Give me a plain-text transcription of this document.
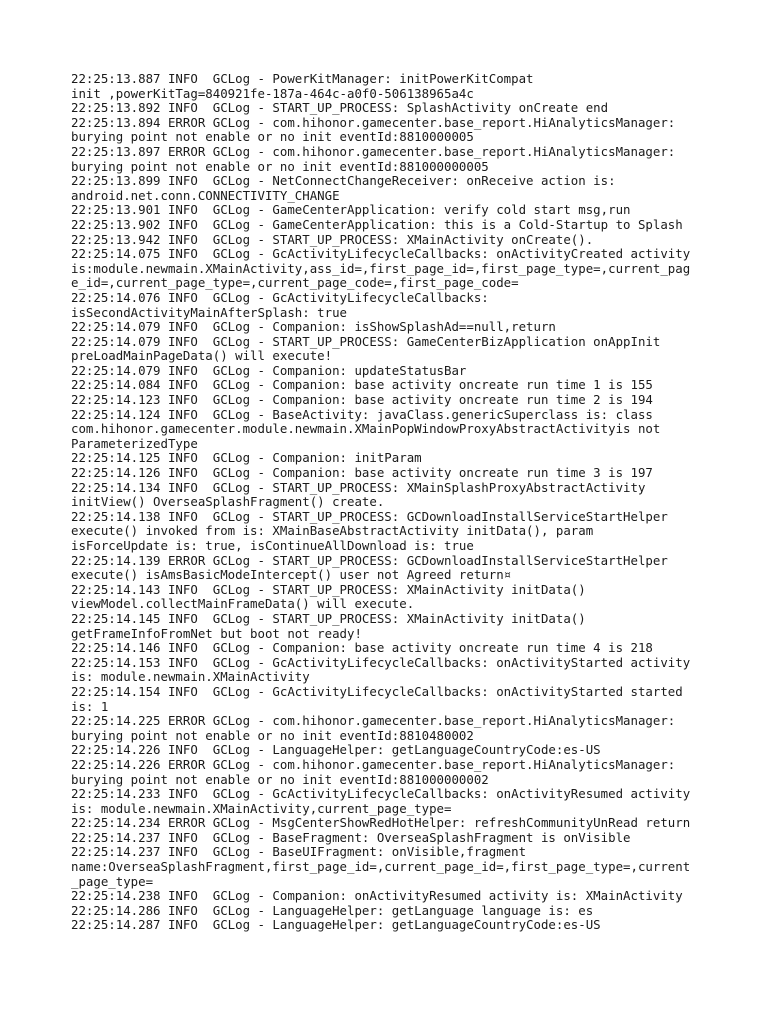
22:25:13.887 INFO  GCLog - PowerKitManager: initPowerKitCompat
init ,powerKitTag=840921fe-187a-464c-a0f0-506138965a4c
22:25:13.892 INFO  GCLog - START_UP_PROCESS: SplashActivity onCreate end
22:25:13.894 ERROR GCLog - com.hihonor.gamecenter.base_report.HiAnalyticsManager:
burying point not enable or no init eventId:8810000005
22:25:13.897 ERROR GCLog - com.hihonor.gamecenter.base_report.HiAnalyticsManager:
burying point not enable or no init eventId:881000000005
22:25:13.899 INFO  GCLog - NetConnectChangeReceiver: onReceive action is:
android.net.conn.CONNECTIVITY_CHANGE
22:25:13.901 INFO  GCLog - GameCenterApplication: verify cold start msg,run
22:25:13.902 INFO  GCLog - GameCenterApplication: this is a Cold-Startup to Splash
22:25:13.942 INFO  GCLog - START_UP_PROCESS: XMainActivity onCreate().
22:25:14.075 INFO  GCLog - GcActivityLifecycleCallbacks: onActivityCreated activity
is:module.newmain.XMainActivity,ass_id=,first_page_id=,first_page_type=,current_pag
e_id=,current_page_type=,current_page_code=,first_page_code=
22:25:14.076 INFO  GCLog - GcActivityLifecycleCallbacks:
isSecondActivityMainAfterSplash: true
22:25:14.079 INFO  GCLog - Companion: isShowSplashAd==null,return
22:25:14.079 INFO  GCLog - START_UP_PROCESS: GameCenterBizApplication onAppInit
preLoadMainPageData() will execute!
22:25:14.079 INFO  GCLog - Companion: updateStatusBar
22:25:14.084 INFO  GCLog - Companion: base activity oncreate run time 1 is 155
22:25:14.123 INFO  GCLog - Companion: base activity oncreate run time 2 is 194
22:25:14.124 INFO  GCLog - BaseActivity: javaClass.genericSuperclass is: class
com.hihonor.gamecenter.module.newmain.XMainPopWindowProxyAbstractActivityis not
ParameterizedType
22:25:14.125 INFO  GCLog - Companion: initParam
22:25:14.126 INFO  GCLog - Companion: base activity oncreate run time 3 is 197
22:25:14.134 INFO  GCLog - START_UP_PROCESS: XMainSplashProxyAbstractActivity
initView() OverseaSplashFragment() create.
22:25:14.138 INFO  GCLog - START_UP_PROCESS: GCDownloadInstallServiceStartHelper
execute() invoked from is: XMainBaseAbstractActivity initData(), param
isForceUpdate is: true, isContinueAllDownload is: true
22:25:14.139 ERROR GCLog - START_UP_PROCESS: GCDownloadInstallServiceStartHelper
execute() isAmsBasicModeIntercept() user not Agreed return¤
22:25:14.143 INFO  GCLog - START_UP_PROCESS: XMainActivity initData()
viewModel.collectMainFrameData() will execute.
22:25:14.145 INFO  GCLog - START_UP_PROCESS: XMainActivity initData()
getFrameInfoFromNet but boot not ready!
22:25:14.146 INFO  GCLog - Companion: base activity oncreate run time 4 is 218
22:25:14.153 INFO  GCLog - GcActivityLifecycleCallbacks: onActivityStarted activity
is: module.newmain.XMainActivity
22:25:14.154 INFO  GCLog - GcActivityLifecycleCallbacks: onActivityStarted started
is: 1
22:25:14.225 ERROR GCLog - com.hihonor.gamecenter.base_report.HiAnalyticsManager:
burying point not enable or no init eventId:8810480002
22:25:14.226 INFO  GCLog - LanguageHelper: getLanguageCountryCode:es-US
22:25:14.226 ERROR GCLog - com.hihonor.gamecenter.base_report.HiAnalyticsManager:
burying point not enable or no init eventId:881000000002
22:25:14.233 INFO  GCLog - GcActivityLifecycleCallbacks: onActivityResumed activity
is: module.newmain.XMainActivity,current_page_type=
22:25:14.234 ERROR GCLog - MsgCenterShowRedHotHelper: refreshCommunityUnRead return
22:25:14.237 INFO  GCLog - BaseFragment: OverseaSplashFragment is onVisible
22:25:14.237 INFO  GCLog - BaseUIFragment: onVisible,fragment
name:OverseaSplashFragment,first_page_id=,current_page_id=,first_page_type=,current
_page_type=
22:25:14.238 INFO  GCLog - Companion: onActivityResumed activity is: XMainActivity
22:25:14.286 INFO  GCLog - LanguageHelper: getLanguage language is: es
22:25:14.287 INFO  GCLog - LanguageHelper: getLanguageCountryCode:es-US
